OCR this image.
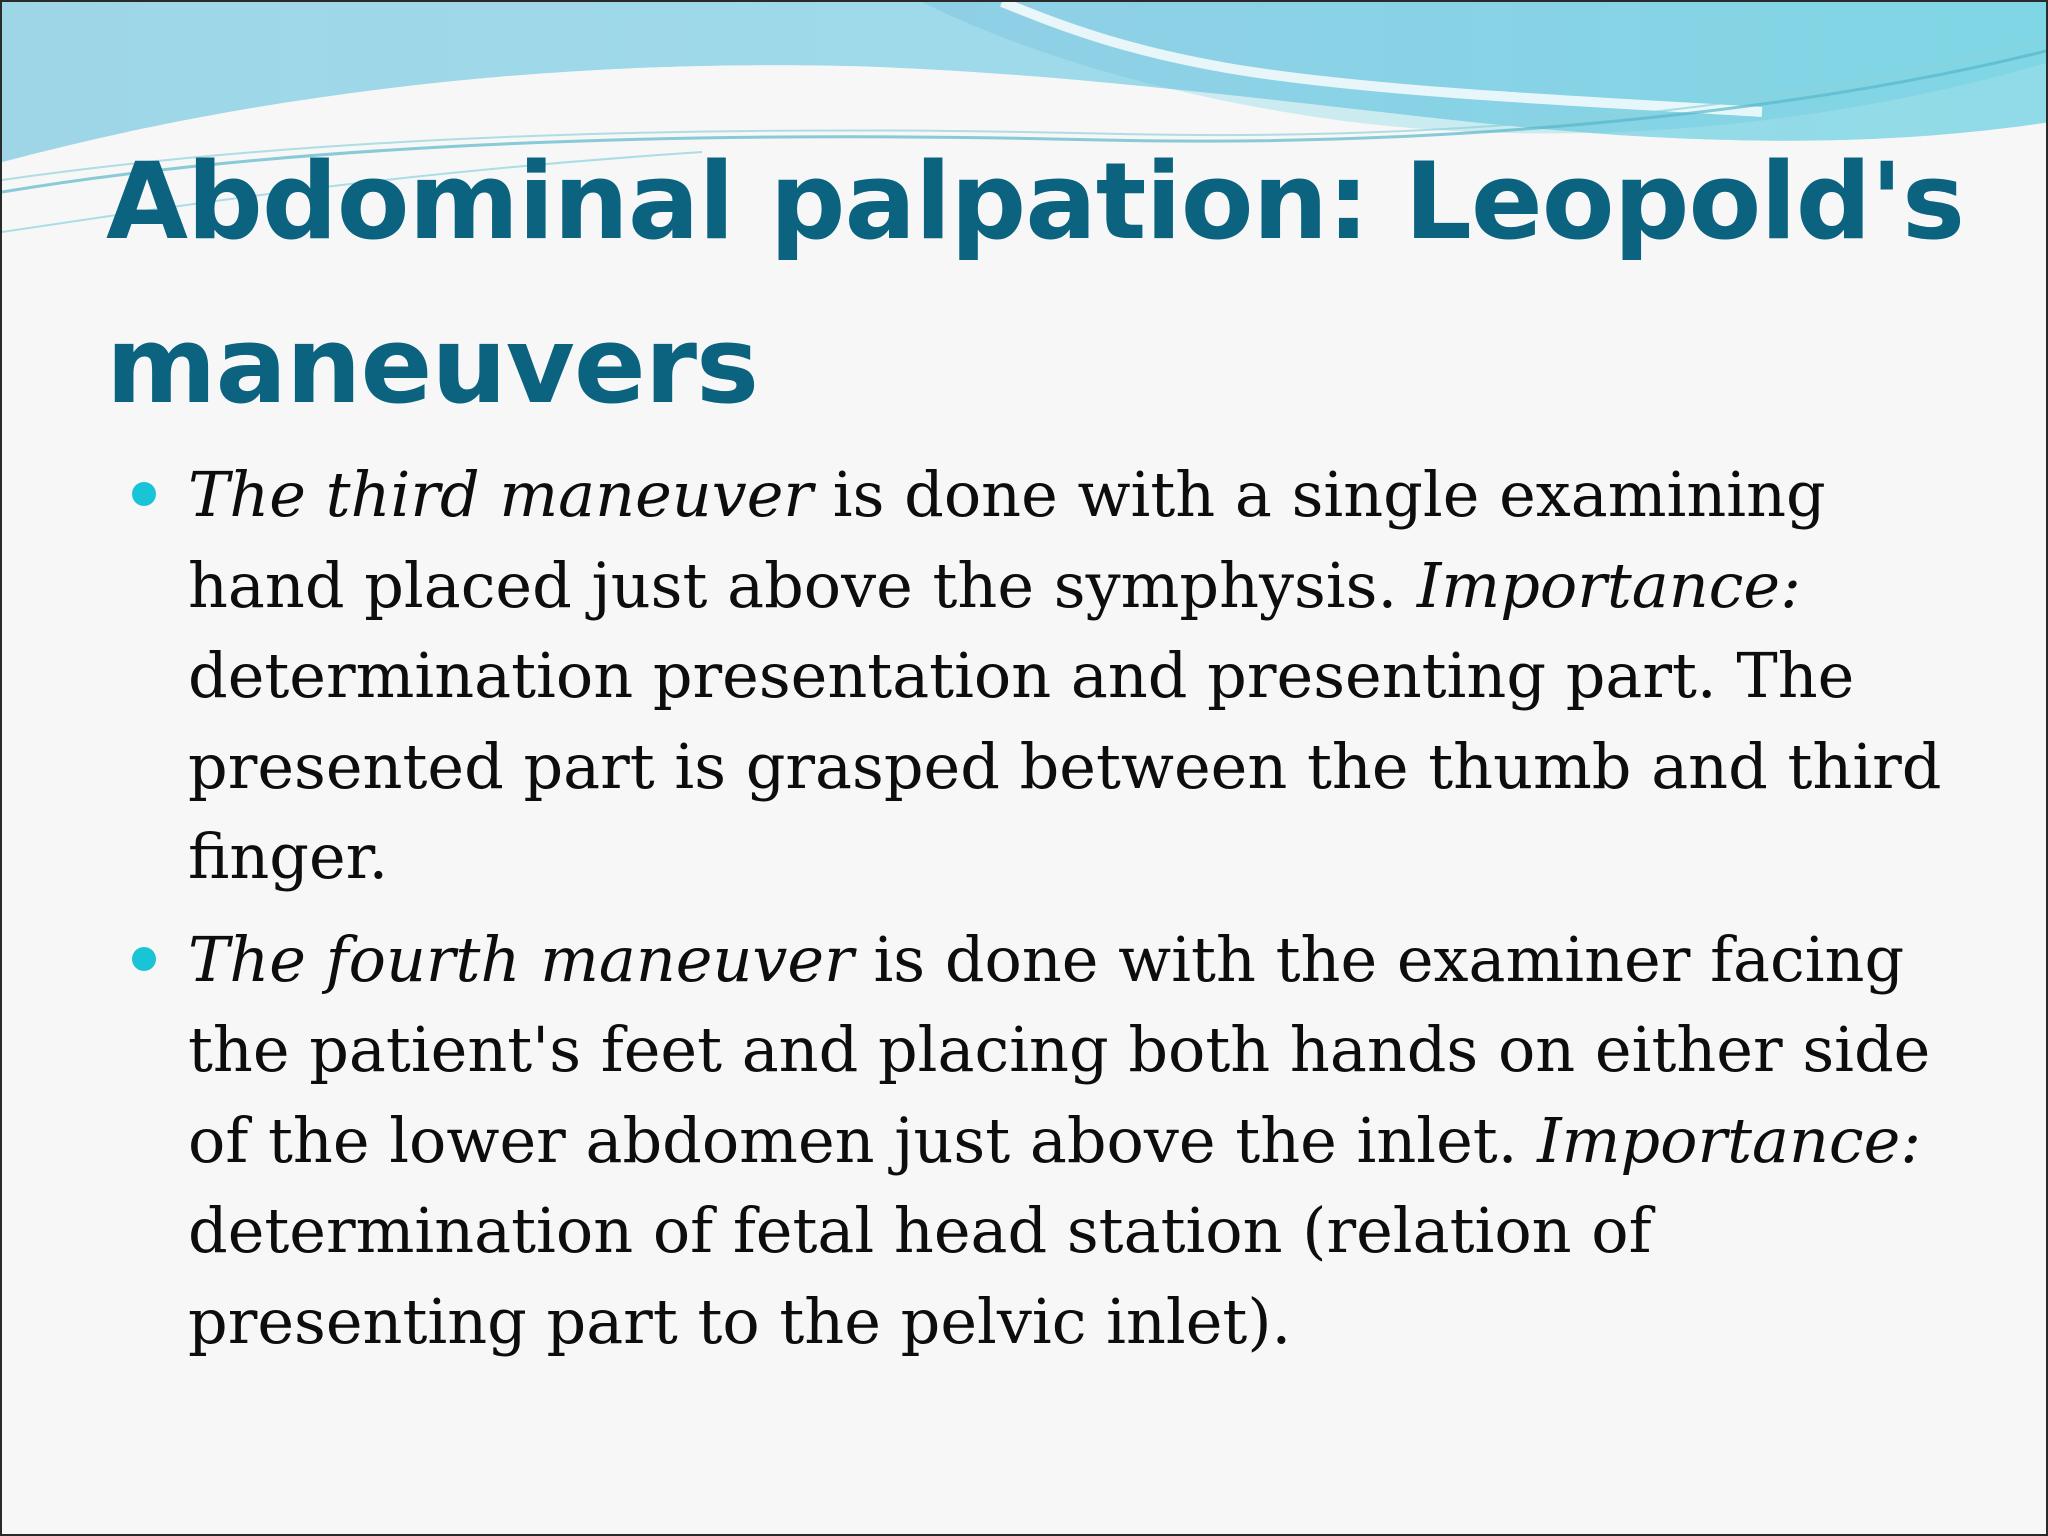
Abdominal palpation: Leopold's maneuvers
The third maneuver is done with a single examining hand placed just above the symphysis. Importance: determination presentation and presenting part. The presented part is grasped between the thumb and third finger.
The fourth maneuver is done with the examiner facing the patient's feet and placing both hands on either side of the lower abdomen just above the inlet. Importance: determination of fetal head station (relation of presenting part to the pelvic inlet).
